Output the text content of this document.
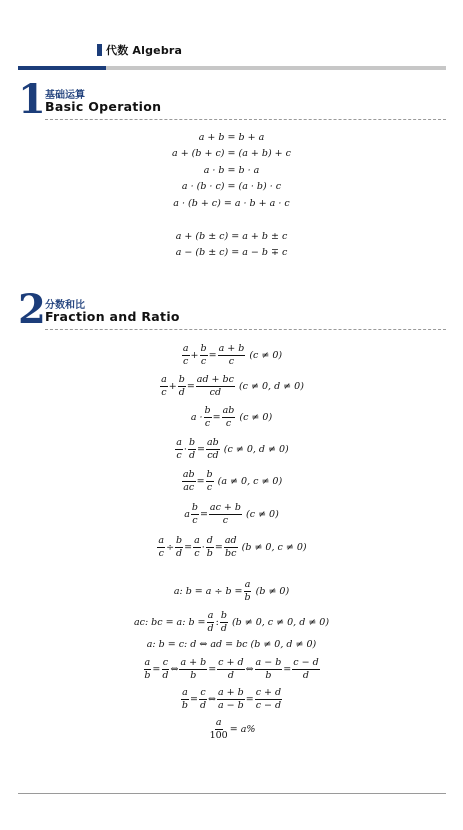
代数 Algebra
1 基础运算
Basic Operation
a + b = b + a
a + (b + c) = (a + b) + c
a · b = b · a
a · (b · c) = (a · b) · c
a · (b + c) = a · b + a · c
a + (b ± c) = a + b ± c
a − (b ± c) = a − b ∓ c
2 分数和比
Fraction and Ratio
$\frac{a}{c} + \frac{b}{c} = \frac{a + b}{c} (c \ne 0)$
$\frac{a}{c} + \frac{b}{d} = \frac{ad + bc}{cd} (c \ne 0$, d ≠ 0)
$a \cdot \frac{b}{c} = \frac{ab}{c} (c \ne 0)$
$\frac{a}{c} \cdot \frac{b}{d} = \frac{ab}{cd} (c \ne 0$, d ≠ 0)
$\frac{ab}{ac} = \frac{b}{c} (a \ne 0$, c ≠ 0)
a $\frac{b}{c} = \frac{ac + b}{c} (c \ne 0)$
$\frac{a}{c} \div \frac{b}{d} = \frac{a}{c} \cdot \frac{d}{b} = \frac{ad}{bc} (b \ne 0$, c ≠ 0)
a: $b = a \div b = \frac{a}{b} (b \ne 0)$
ac: bc = a: $b = \frac{a}{d}$ : $\frac{b}{d} (b \ne 0$, c ≠ 0, d ≠ 0)
a: b = c: d ⇔ ad = bc (b ≠ 0, d ≠ 0)
$\frac{a}{b} = \frac{c}{d}$ ⇔ $\frac{a + b}{b} = \frac{c + d}{d}$ ⇔ $\frac{a - b}{b} = \frac{c - d}{d}$
$\frac{a}{b} = \frac{c}{d}$ ⇔ $\frac{a + b}{a - b} = \frac{c + d}{c - d}$
$\frac{a}{100} = a\%$
